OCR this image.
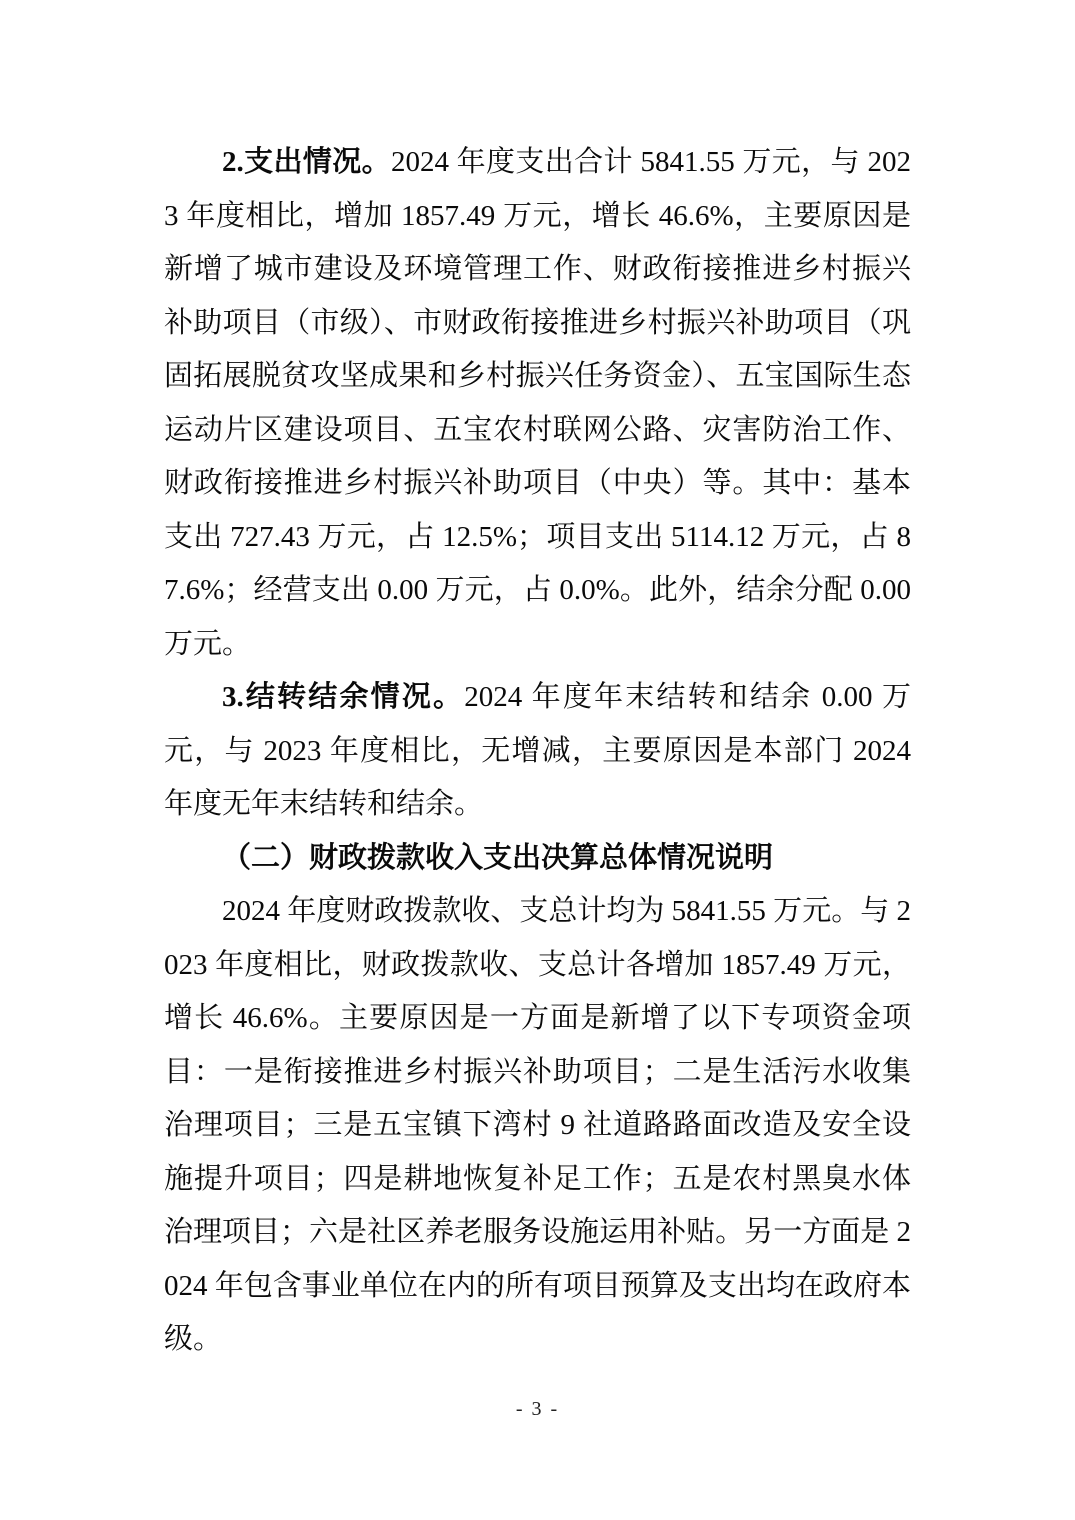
2.支出情况。2024 年度支出合计 5841.55 万元，与 2023 年度相比，增加 1857.49 万元，增长 46.6%，主要原因是新增了城市建设及环境管理工作、财政衔接推进乡村振兴补助项目（市级）、市财政衔接推进乡村振兴补助项目（巩固拓展脱贫攻坚成果和乡村振兴任务资金）、五宝国际生态运动片区建设项目、五宝农村联网公路、灾害防治工作、财政衔接推进乡村振兴补助项目（中央）等。其中：基本支出 727.43 万元，占 12.5%；项目支出 5114.12 万元，占 87.6%；经营支出 0.00 万元，占 0.0%。此外，结余分配 0.00 万元。

3.结转结余情况。2024 年度年末结转和结余 0.00 万元，与 2023 年度相比，无增减，主要原因是本部门 2024 年度无年末结转和结余。

（二）财政拨款收入支出决算总体情况说明

2024 年度财政拨款收、支总计均为 5841.55 万元。与 2023 年度相比，财政拨款收、支总计各增加 1857.49 万元，增长 46.6%。主要原因是一方面是新增了以下专项资金项目：一是衔接推进乡村振兴补助项目；二是生活污水收集治理项目；三是五宝镇下湾村 9 社道路路面改造及安全设施提升项目；四是耕地恢复补足工作；五是农村黑臭水体治理项目；六是社区养老服务设施运用补贴。另一方面是 2024 年包含事业单位在内的所有项目预算及支出均在政府本级。

- 3 -
